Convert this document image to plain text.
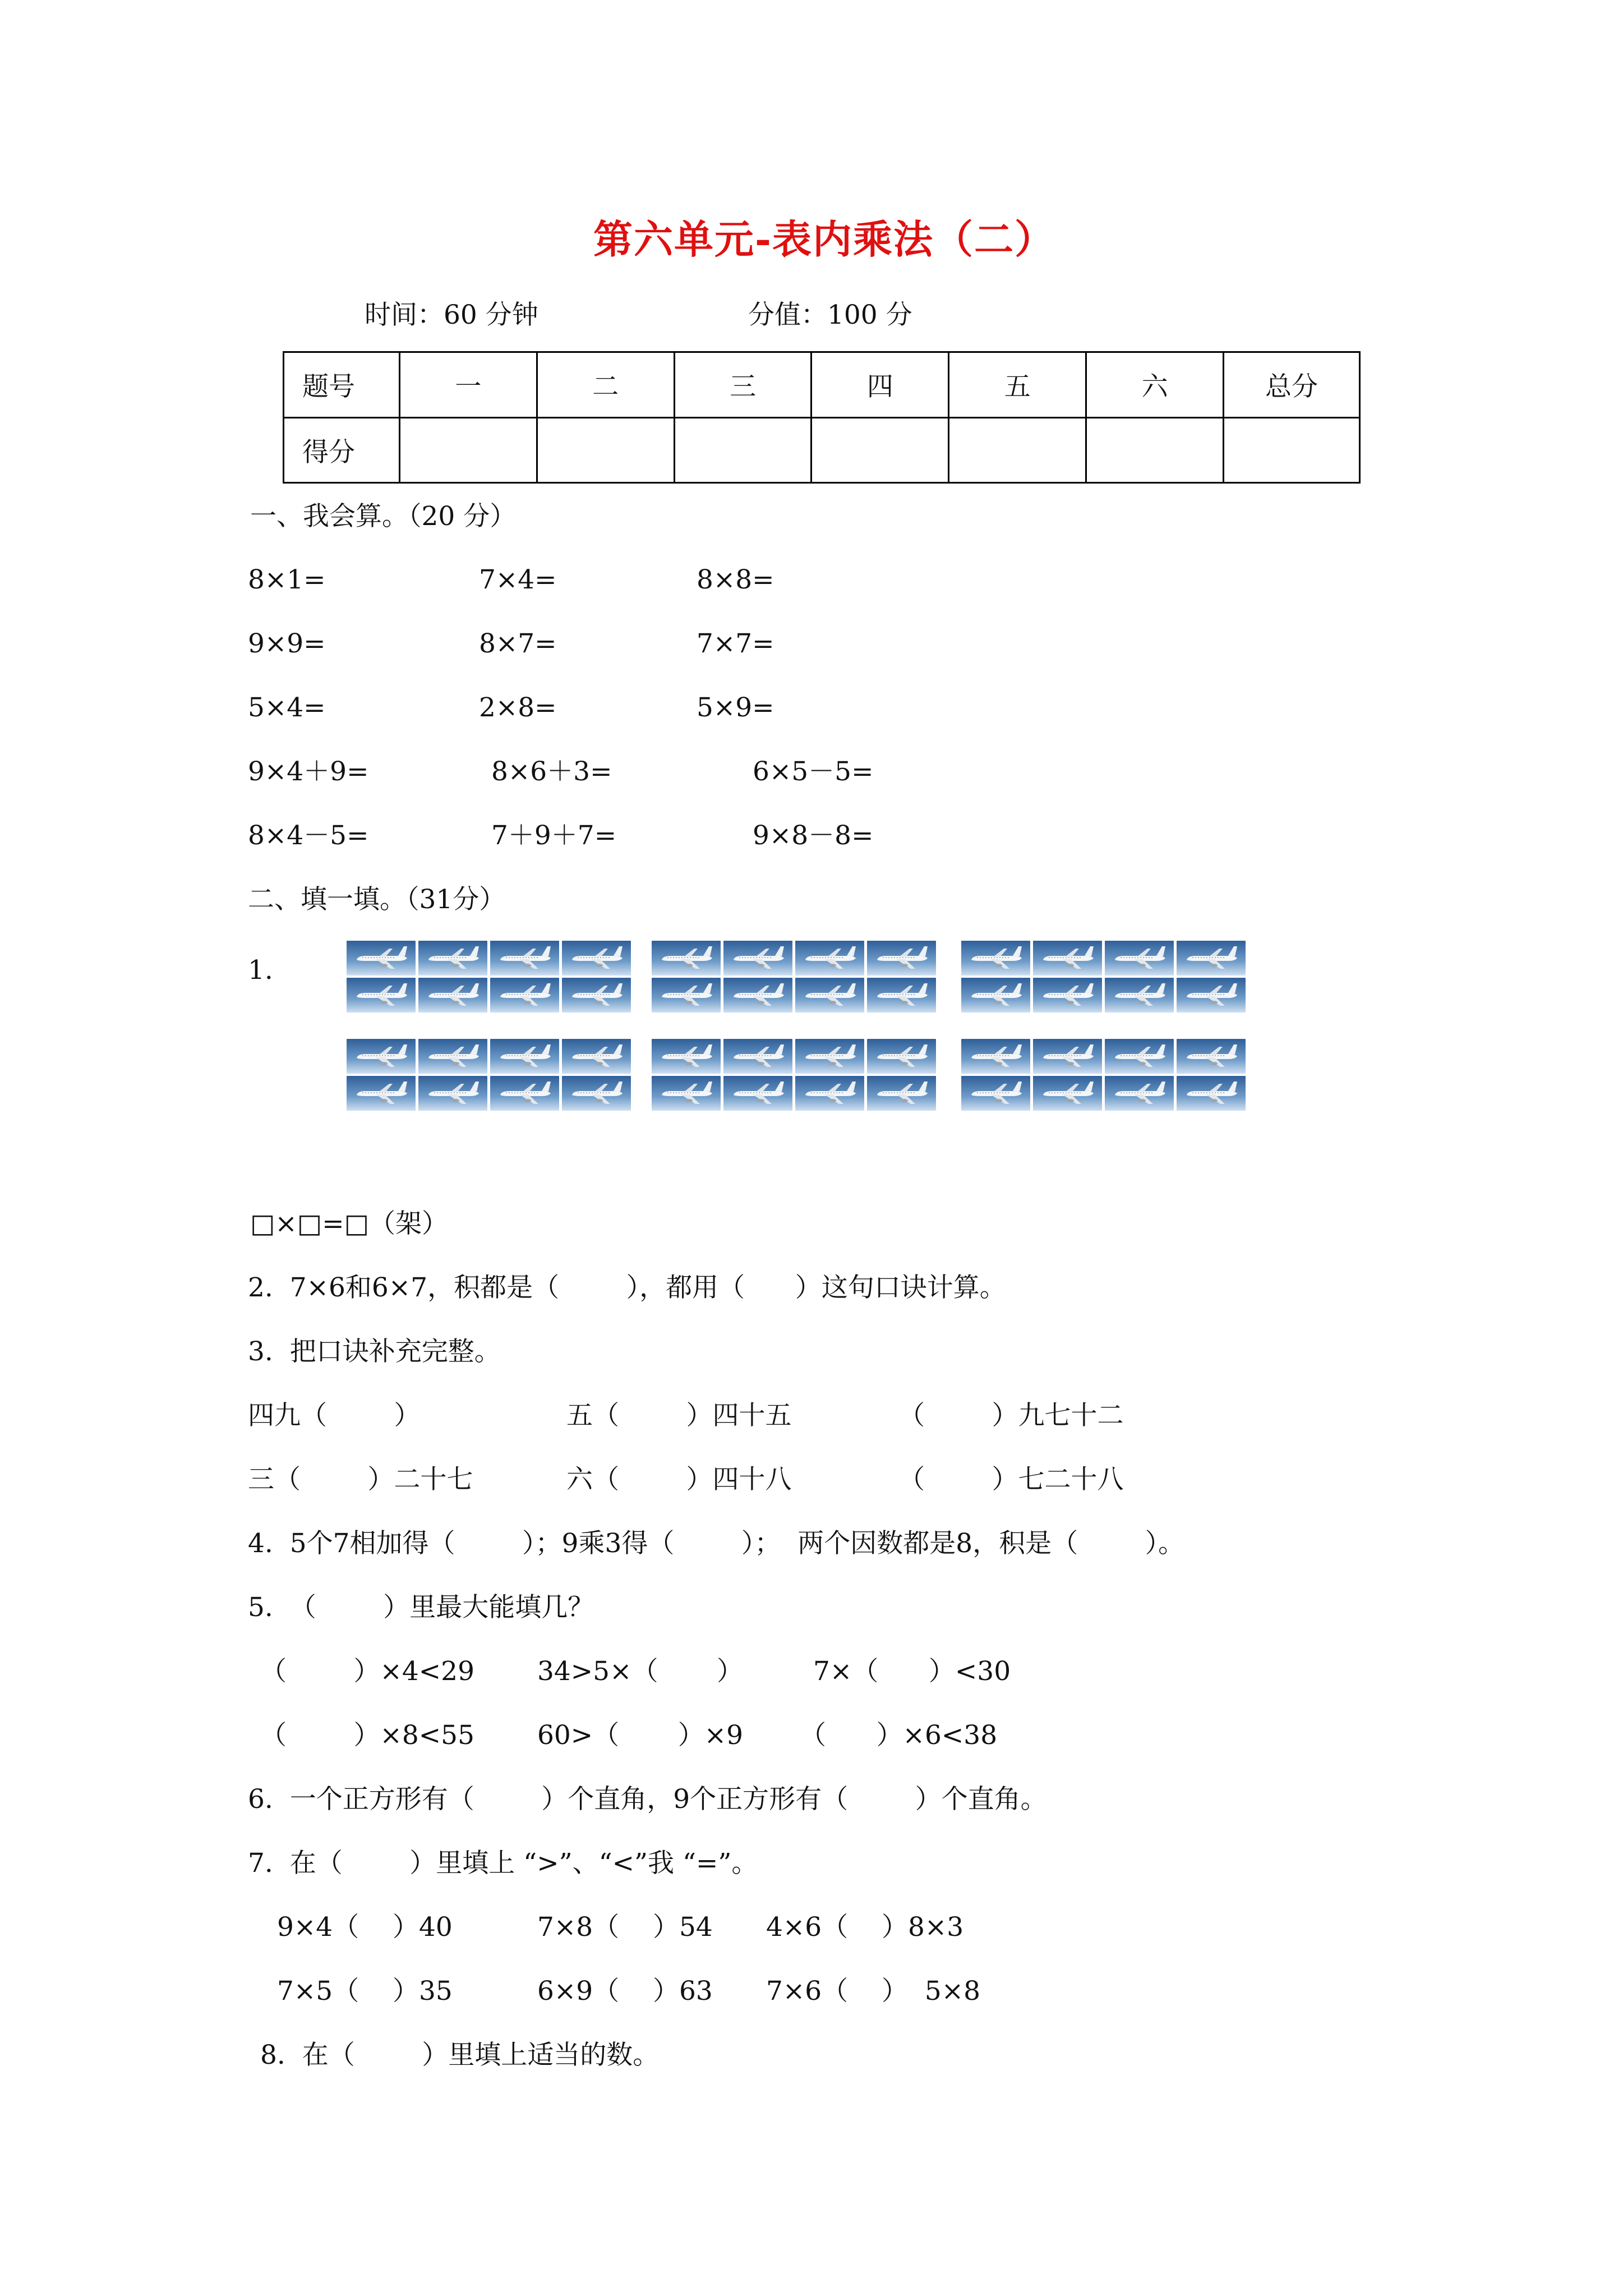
第六单元-表内乘法（二）
时间：60 分钟	分值：100 分
题号	一	二	三	四	五	六	总分
得分							
一、我会算。（20 分）
8×1=	7×4=	8×8=
9×9=	8×7=	7×7=
5×4=	2×8=	5×9=
9×4＋9=	8×6＋3=	6×5－5=
8×4－5=	7＋9＋7=	9×8－8=
二、填一填。（31分）
1.
□×□=□（架）
2.  7×6和6×7，积都是（        ），都用（      ）这句口诀计算。
3.  把口诀补充完整。
四九（        ）	五（        ）四十五	（        ）九七十二
三（        ）二十七	六（        ）四十八	（        ）七二十八
4.  5个7相加得（        ）；9乘3得（        ）；  两个因数都是8，积是（        ）。
5.  （        ）里最大能填几？
（        ）×4<29 34>5×（       ）	7×（      ）<30
（        ）×8<55 60>（       ）×9 （      ）×6<38
6.  一个正方形有（        ）个直角，9个正方形有（        ）个直角。
7.  在（        ）里填上 “>”、“<”我 “=”。
9×4（    ）40	7×8（    ）54 4×6（    ）8×3
7×5（    ）35	6×9（    ）63 7×6（    ）  5×8
8.  在（        ）里填上适当的数。
